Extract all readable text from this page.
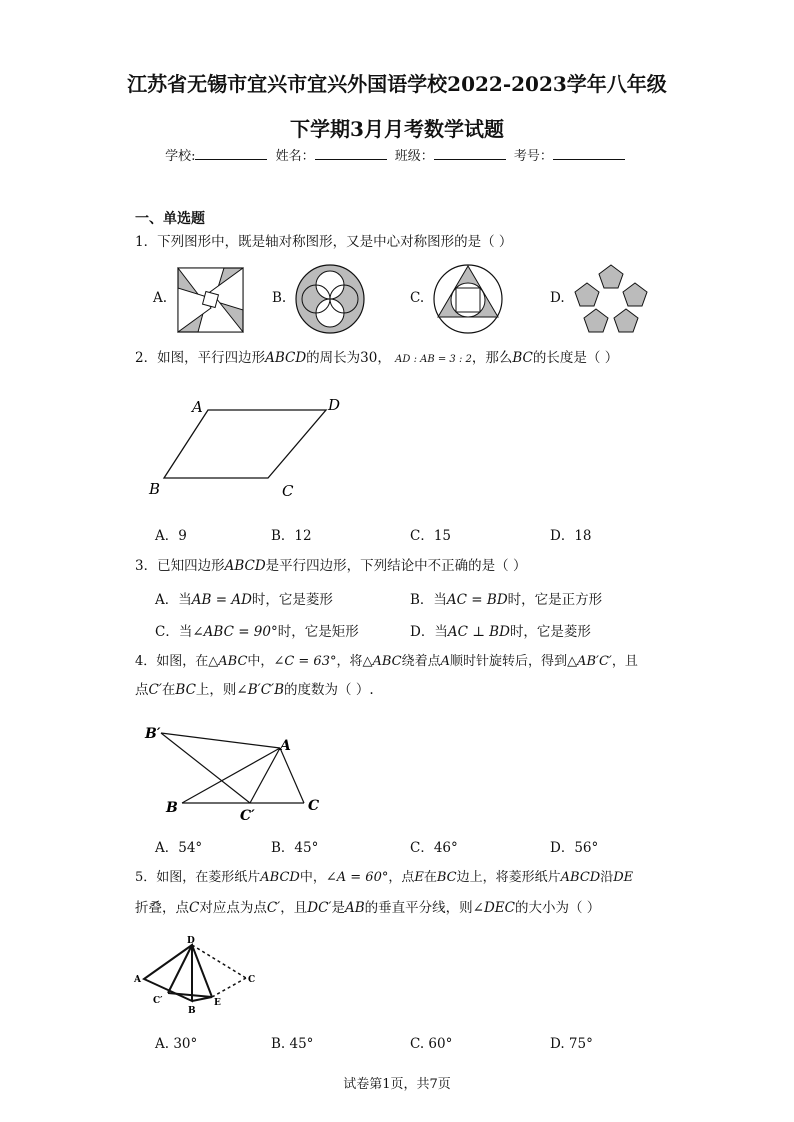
江苏省无锡市宜兴市宜兴外国语学校2022-2023学年八年级
下学期3月月考数学试题
学校:	姓名：	班级：	考号：
一、单选题
1．下列图形中，既是轴对称图形，又是中心对称图形的是（ ）
A.	B.	C.	D.
2．如图，平行四边形ABCD的周长为30， AD : AB = 3 : 2，那么BC的长度是（ ）
A	D
B	C
A．9	B．12	C．15	D．18
3．已知四边形ABCD是平行四边形，下列结论中不正确的是（ ）
A．当AB = AD时，它是菱形	B．当AC = BD时，它是正方形
C．当∠ABC = 90°时，它是矩形	D．当AC ⊥ BD时，它是菱形
4．如图，在△ABC中，∠C = 63°，将△ABC绕着点A顺时针旋转后，得到△AB′C′，且
点C′在BC上，则∠B′C′B的度数为（ ）.
B′
A
B	C′
C
A．54°	B．45°	C．46°	D．56°
5．如图，在菱形纸片ABCD中，∠A = 60°，点E在BC边上，将菱形纸片ABCD沿DE
折叠，点C对应点为点C′，且DC′是AB的垂直平分线，则∠DEC的大小为（ ）
D
A	C
C′
B
E
A. 30°	B. 45°	C. 60°	D. 75°
试卷第1页，共7页
